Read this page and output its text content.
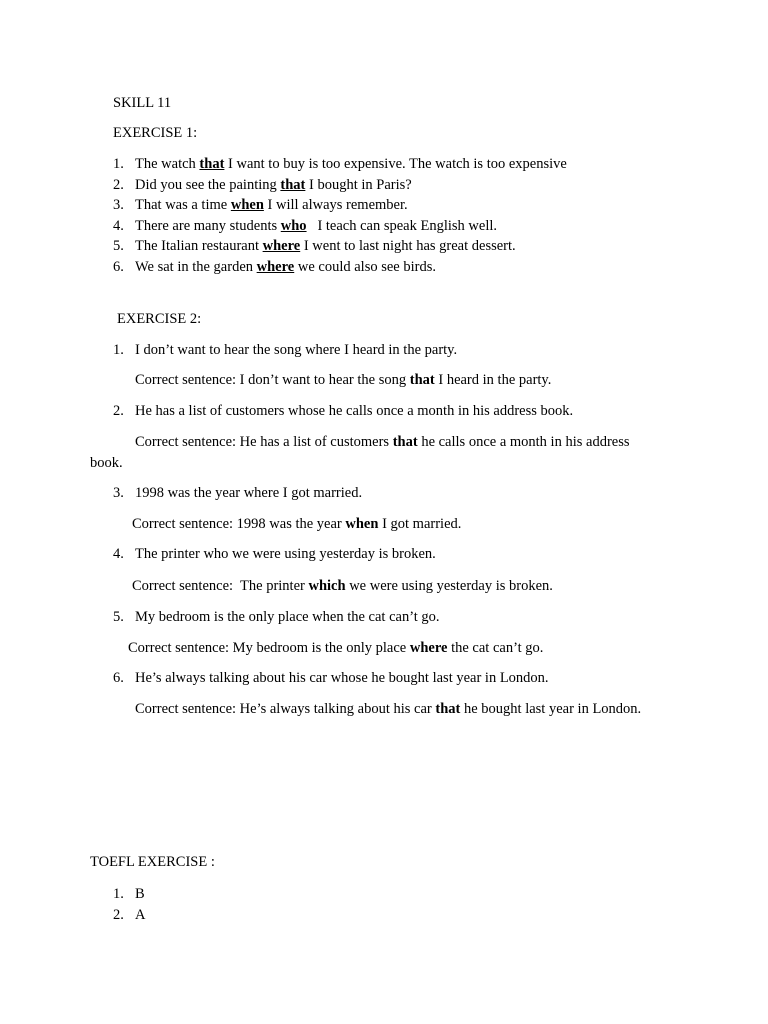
SKILL 11
EXERCISE 1:
1. The watch that I want to buy is too expensive. The watch is too expensive
2. Did you see the painting that I bought in Paris?
3. That was a time when I will always remember.
4. There are many students who   I teach can speak English well.
5. The Italian restaurant where I went to last night has great dessert.
6. We sat in the garden where we could also see birds.
EXERCISE 2:
1. I don’t want to hear the song where I heard in the party.
Correct sentence: I don’t want to hear the song that I heard in the party.
2. He has a list of customers whose he calls once a month in his address book.
Correct sentence: He has a list of customers that he calls once a month in his address
book.
3. 1998 was the year where I got married.
Correct sentence: 1998 was the year when I got married.
4. The printer who we were using yesterday is broken.
Correct sentence:  The printer which we were using yesterday is broken.
5. My bedroom is the only place when the cat can’t go.
Correct sentence: My bedroom is the only place where the cat can’t go.
6. He’s always talking about his car whose he bought last year in London.
Correct sentence: He’s always talking about his car that he bought last year in London.
TOEFL EXERCISE :
1. B
2. A
